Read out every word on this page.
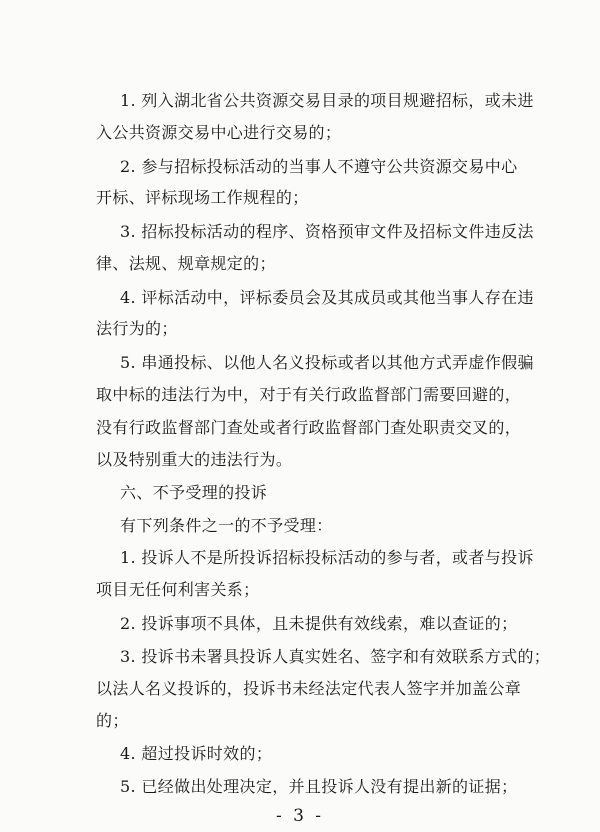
1. 列入湖北省公共资源交易目录的项目规避招标，或未进
入公共资源交易中心进行交易的；
2. 参与招标投标活动的当事人不遵守公共资源交易中心
开标、评标现场工作规程的；
3. 招标投标活动的程序、资格预审文件及招标文件违反法
律、法规、规章规定的；
4. 评标活动中，评标委员会及其成员或其他当事人存在违
法行为的；
5. 串通投标、以他人名义投标或者以其他方式弄虚作假骗
取中标的违法行为中，对于有关行政监督部门需要回避的，
没有行政监督部门查处或者行政监督部门查处职责交叉的，
以及特别重大的违法行为。
六、不予受理的投诉
有下列条件之一的不予受理：
1. 投诉人不是所投诉招标投标活动的参与者，或者与投诉
项目无任何利害关系；
2. 投诉事项不具体，且未提供有效线索，难以查证的；
3. 投诉书未署具投诉人真实姓名、签字和有效联系方式的；
以法人名义投诉的，投诉书未经法定代表人签字并加盖公章
的；
4. 超过投诉时效的；
5. 已经做出处理决定，并且投诉人没有提出新的证据；
- 3 -
